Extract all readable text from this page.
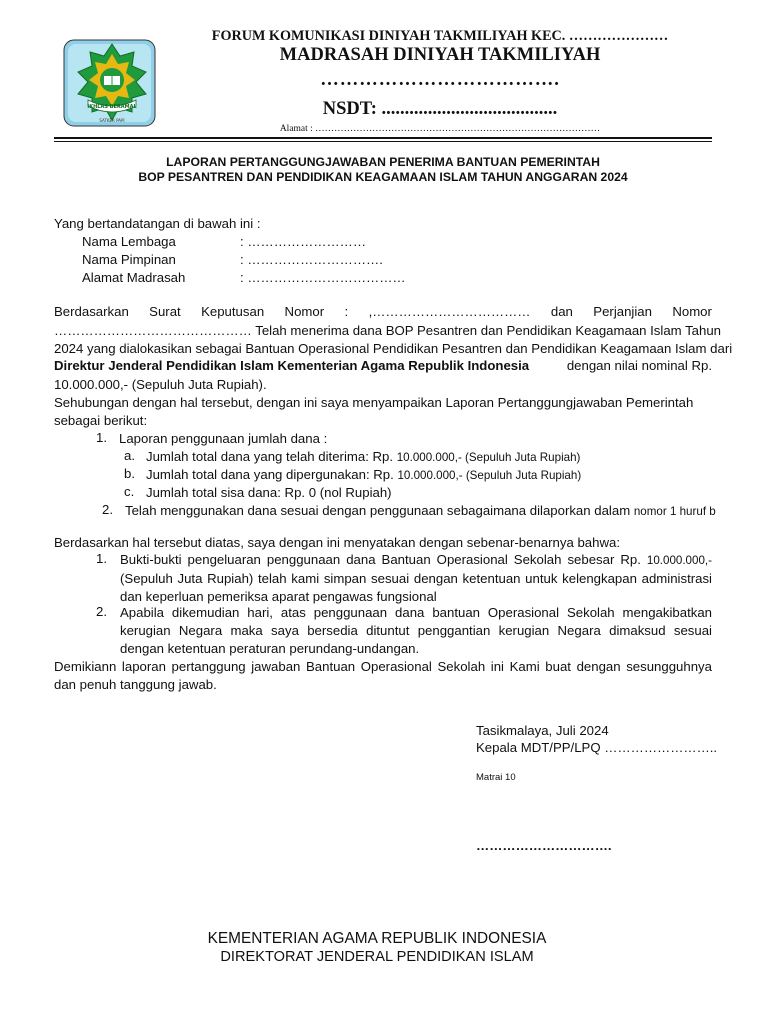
IKHLAS BERAMAL
SATKER PAPI
FORUM KOMUNIKASI DINIYAH TAKMILIYAH KEC. …………………
MADRASAH DINIYAH TAKMILIYAH
……………………………….
NSDT: ......................................
Alamat : ………………………………………………………………………………
LAPORAN PERTANGGUNGJAWABAN PENERIMA BANTUAN PEMERINTAH
BOP PESANTREN DAN PENDIDIKAN KEAGAMAAN ISLAM TAHUN ANGGARAN 2024
Yang bertandatangan di bawah ini :
Nama Lembaga	: ………………………
Nama Pimpinan	: ………………………….
Alamat Madrasah	: ………………………………
Berdasarkan Surat Keputusan Nomor : ,……………………………… dan Perjanjian Nomor
……………………………………… Telah menerima dana BOP Pesantren dan Pendidikan Keagamaan Islam Tahun
2024 yang dialokasikan sebagai Bantuan Operasional Pendidikan Pesantren dan Pendidikan Keagamaan Islam dari
Direktur Jenderal Pendidikan Islam Kementerian Agama Republik Indonesia	dengan nilai nominal Rp.
10.000.000,- (Sepuluh Juta Rupiah).
Sehubungan dengan hal tersebut, dengan ini saya menyampaikan Laporan Pertanggungjawaban Pemerintah
sebagai berikut:
1. Laporan penggunaan jumlah dana :
a. Jumlah total dana yang telah diterima: Rp. 10.000.000,- (Sepuluh Juta Rupiah)
b. Jumlah total dana yang dipergunakan: Rp. 10.000.000,- (Sepuluh Juta Rupiah)
c. Jumlah total sisa dana: Rp. 0 (nol Rupiah)
2. Telah menggunakan dana sesuai dengan penggunaan sebagaimana dilaporkan dalam nomor 1 huruf b
Berdasarkan hal tersebut diatas, saya dengan ini menyatakan dengan sebenar-benarnya bahwa:
1. Bukti-bukti pengeluaran penggunaan dana Bantuan Operasional Sekolah sebesar Rp. 10.000.000,- (Sepuluh Juta Rupiah) telah kami simpan sesuai dengan ketentuan untuk kelengkapan administrasi dan keperluan pemeriksa aparat pengawas fungsional
2. Apabila dikemudian hari, atas penggunaan dana bantuan Operasional Sekolah mengakibatkan kerugian Negara maka saya bersedia dituntut penggantian kerugian Negara dimaksud sesuai dengan ketentuan peraturan perundang-undangan.
Demikiann laporan pertanggung jawaban Bantuan Operasional Sekolah ini Kami buat dengan sesungguhnya dan penuh tanggung jawab.
Tasikmalaya, Juli 2024
Kepala MDT/PP/LPQ ……………………..
Matrai 10
………………………….
KEMENTERIAN AGAMA REPUBLIK INDONESIA
DIREKTORAT JENDERAL PENDIDIKAN ISLAM
